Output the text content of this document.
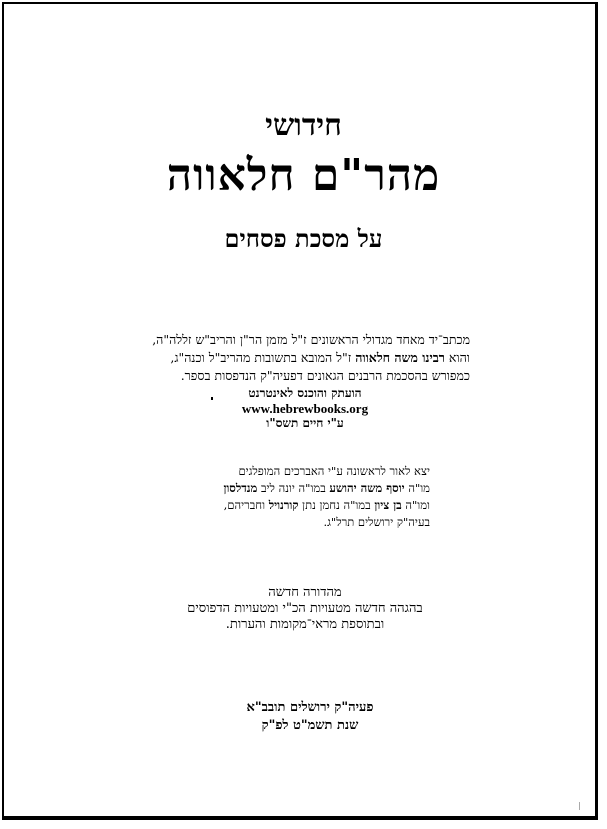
חידושי
מהר"ם חלאווה
על מסכת פסחים
מכתב־יד מאחד מגדולי הראשונים ז"ל מזמן הר"ן והריב"ש זללה"ה,
והוא רבינו משה חלאווה ז"ל המובא בתשובות מהריב"ל וכנה"ג,
כמפורש בהסכמת הרבנים הגאונים דפעיה"ק הנדפסות בספר.
הועתק והוכנס לאינטרנט
www.hebrewbooks.org
ע"י חיים תשס"ו
יצא לאור לראשונה ע"י האברכים המופלגים
מו"ה יוסף משה יהושע במו"ה יונה ליב מנדלסון
ומו"ה בן ציון במו"ה נחמן נתן קורנויל וחבריהם,
בעיה"ק ירושלים תרל"ג.
מהדורה חדשה
בהגהה חדשה מטעויות הכ"י ומטעויות הדפוסים
ובתוספת מראי־מקומות והערות.
פעיה"ק ירושלים תובב"א
שנת תשמ"ט לפ"ק
